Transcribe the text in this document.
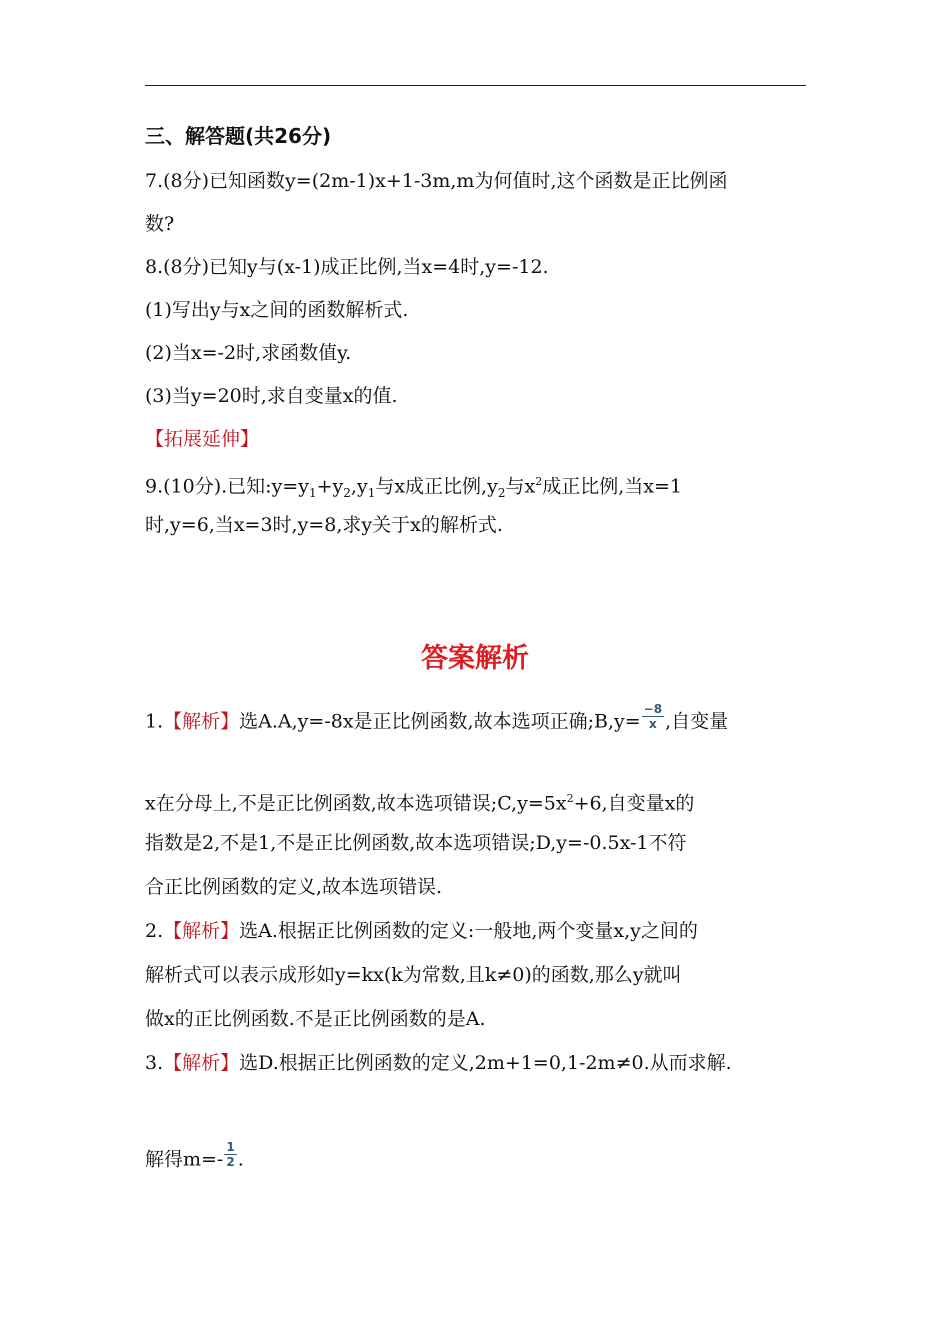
三、解答题(共26分)
7.(8分)已知函数y=(2m-1)x+1-3m,m为何值时,这个函数是正比例函
数?
8.(8分)已知y与(x-1)成正比例,当x=4时,y=-12.
(1)写出y与x之间的函数解析式.
(2)当x=-2时,求函数值y.
(3)当y=20时,求自变量x的值.
【拓展延伸】
9.(10分).已知$:y=y_1+y_2,y_1$与x成正比例$,y_2$与$x^2$成正比例,当x=1
时,y=6,当x=3时,y=8,求y关于x的解析式.
答案解析
1.【解析】选A.A,y=-8x是正比例函数,故本选项正确;B,y= $\frac{-8}{x}$ ,自变量
x在分母上,不是正比例函数,故本选项错误$;C,y=5x^2+6$,自变量x的
指数是2,不是1,不是正比例函数,故本选项错误;D,y=-0.5x-1不符
合正比例函数的定义,故本选项错误.
2.【解析】选A.根据正比例函数的定义:一般地,两个变量x,y之间的
解析式可以表示成形如y=kx(k为常数,且k≠0)的函数,那么y就叫
做x的正比例函数.不是正比例函数的是A.
3.【解析】选D.根据正比例函数的定义,2m+1=0,1-2m≠0.从而求解.
解得$m=- \frac{1}{2}$ .
